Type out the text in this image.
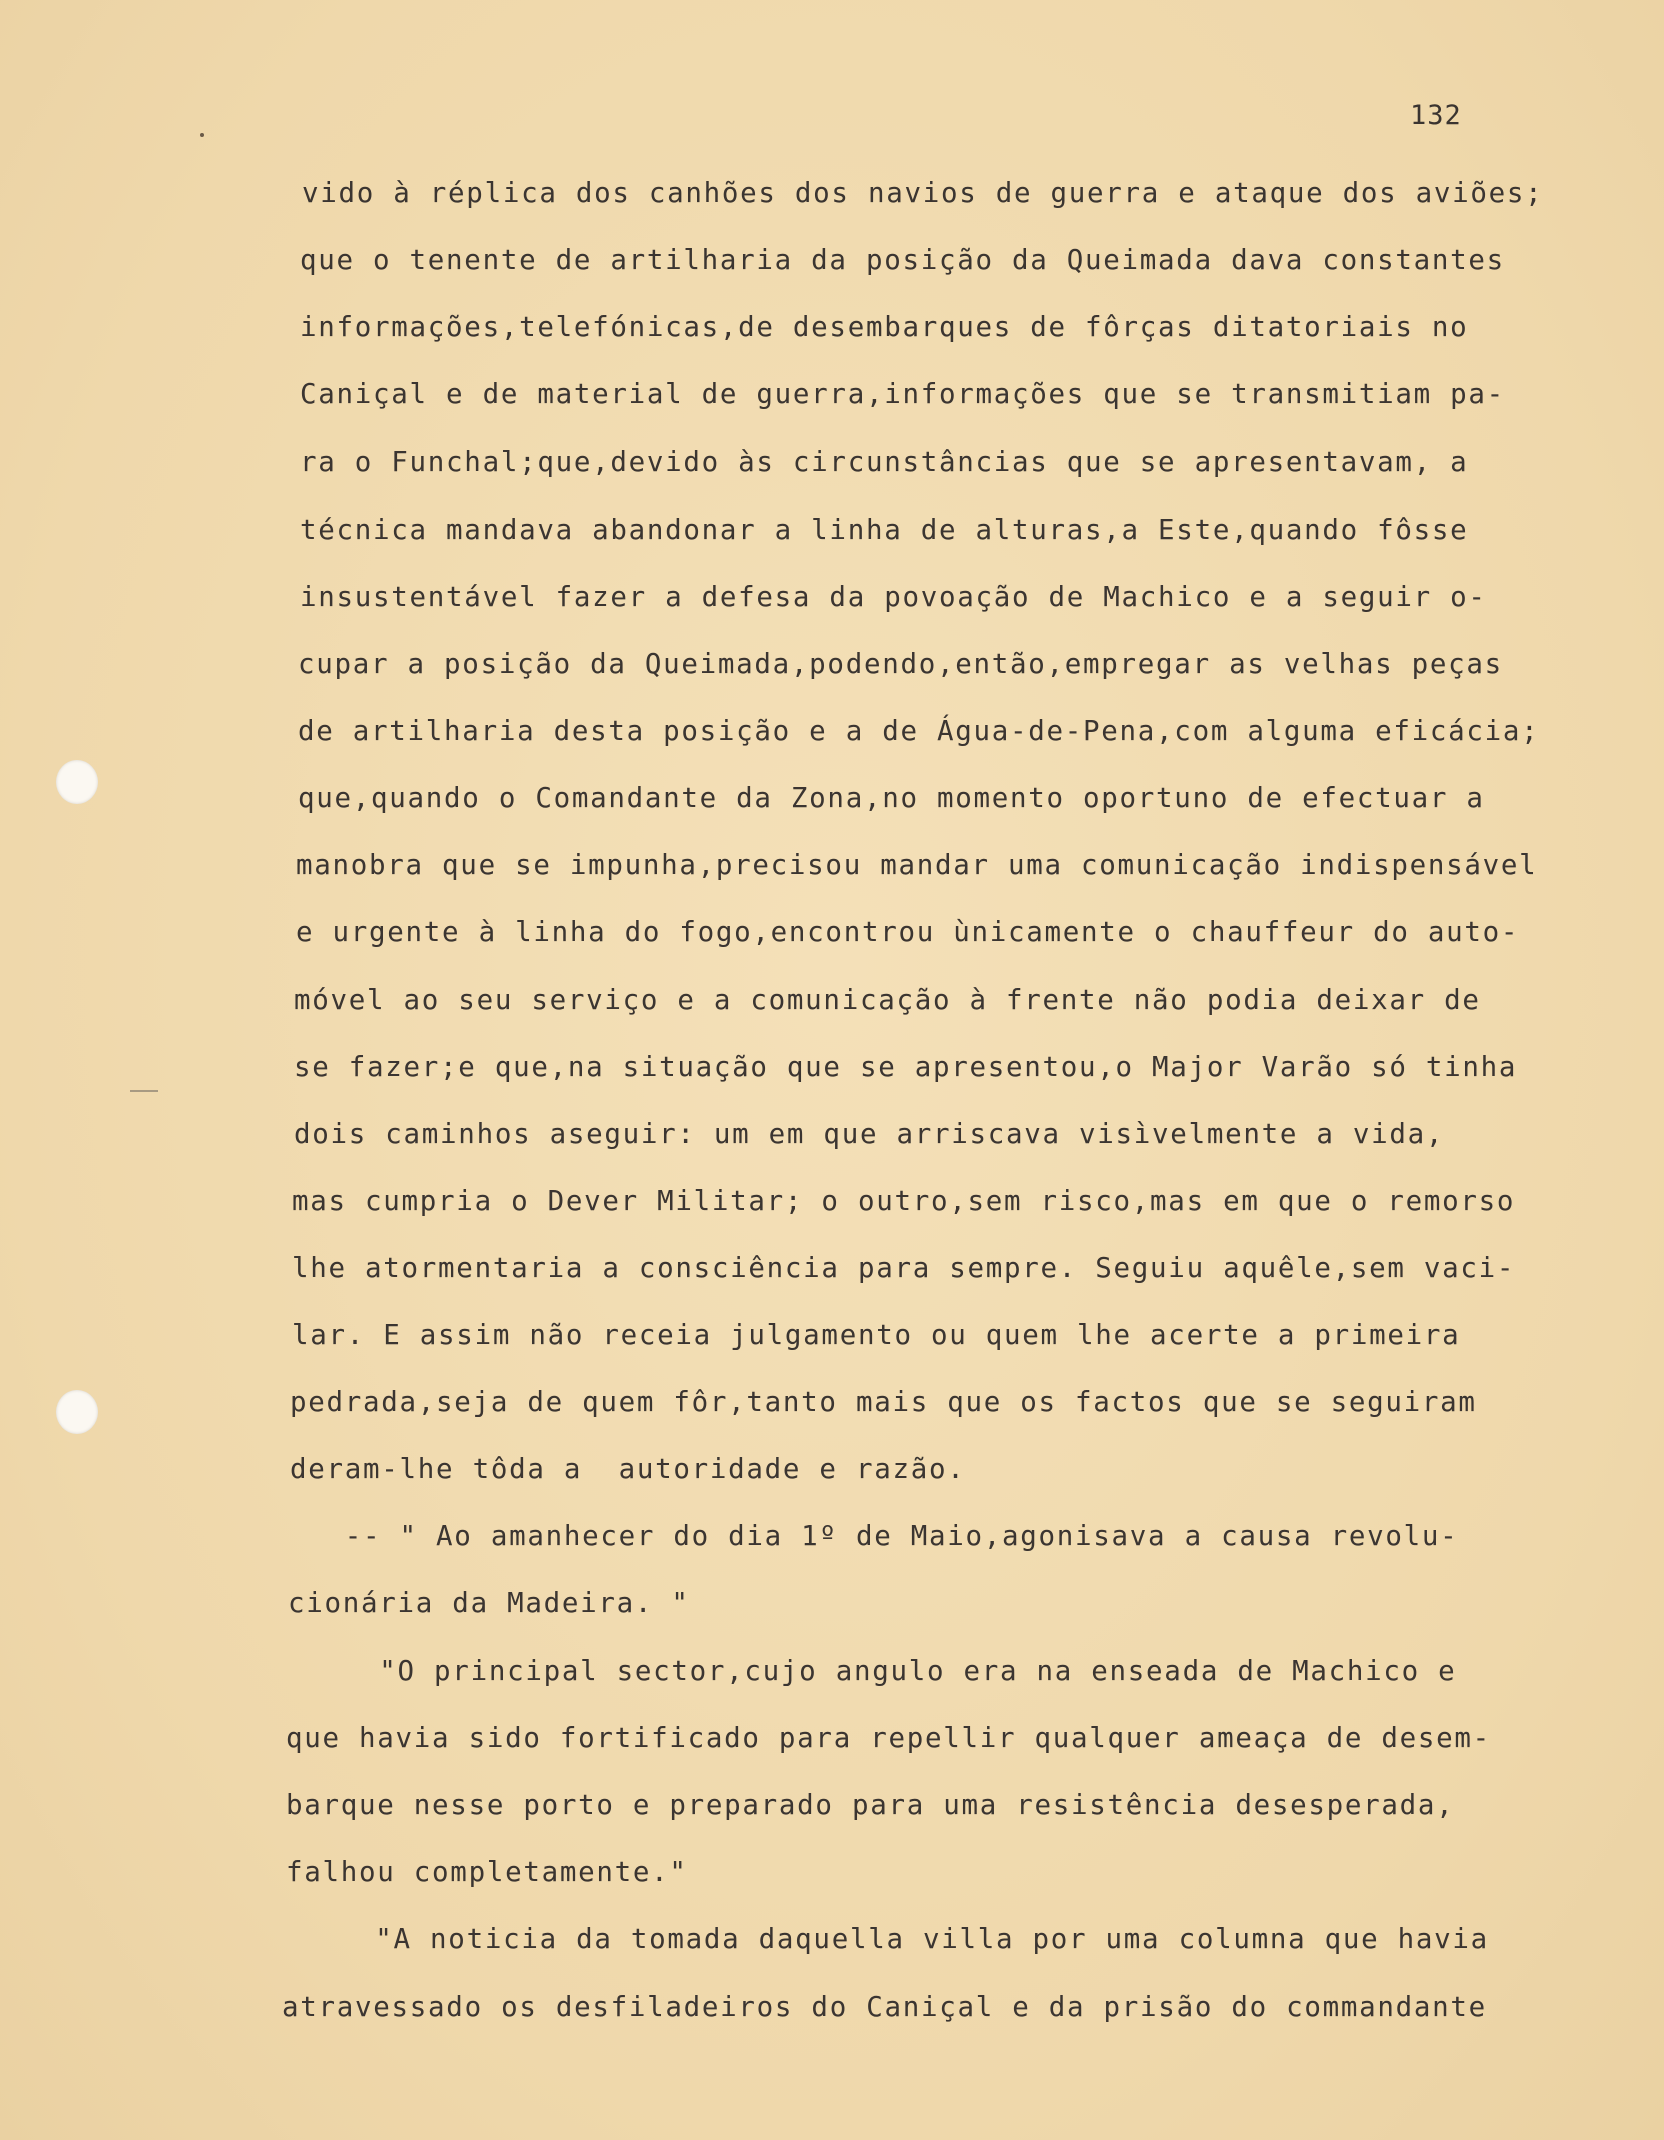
132
vido à réplica dos canhões dos navios de guerra e ataque dos aviões;
que o tenente de artilharia da posição da Queimada dava constantes
informações,telefónicas,de desembarques de fôrças ditatoriais no
Caniçal e de material de guerra,informações que se transmitiam pa-
ra o Funchal;que,devido às circunstâncias que se apresentavam, a
técnica mandava abandonar a linha de alturas,a Este,quando fôsse
insustentável fazer a defesa da povoação de Machico e a seguir o-
cupar a posição da Queimada,podendo,então,empregar as velhas peças
de artilharia desta posição e a de Água-de-Pena,com alguma eficácia;
que,quando o Comandante da Zona,no momento oportuno de efectuar a
manobra que se impunha,precisou mandar uma comunicação indispensável
e urgente à linha do fogo,encontrou ùnicamente o chauffeur do auto-
móvel ao seu serviço e a comunicação à frente não podia deixar de
se fazer;e que,na situação que se apresentou,o Major Varão só tinha
dois caminhos aseguir: um em que arriscava visìvelmente a vida,
mas cumpria o Dever Militar; o outro,sem risco,mas em que o remorso
lhe atormentaria a consciência para sempre. Seguiu aquêle,sem vaci-
lar. E assim não receia julgamento ou quem lhe acerte a primeira
pedrada,seja de quem fôr,tanto mais que os factos que se seguiram
deram-lhe tôda a  autoridade e razão.
-- " Ao amanhecer do dia 1º de Maio,agonisava a causa revolu-
cionária da Madeira. "
"O principal sector,cujo angulo era na enseada de Machico e
que havia sido fortificado para repellir qualquer ameaça de desem-
barque nesse porto e preparado para uma resistência desesperada,
falhou completamente."
"A noticia da tomada daquella villa por uma columna que havia
atravessado os desfiladeiros do Caniçal e da prisão do commandante
